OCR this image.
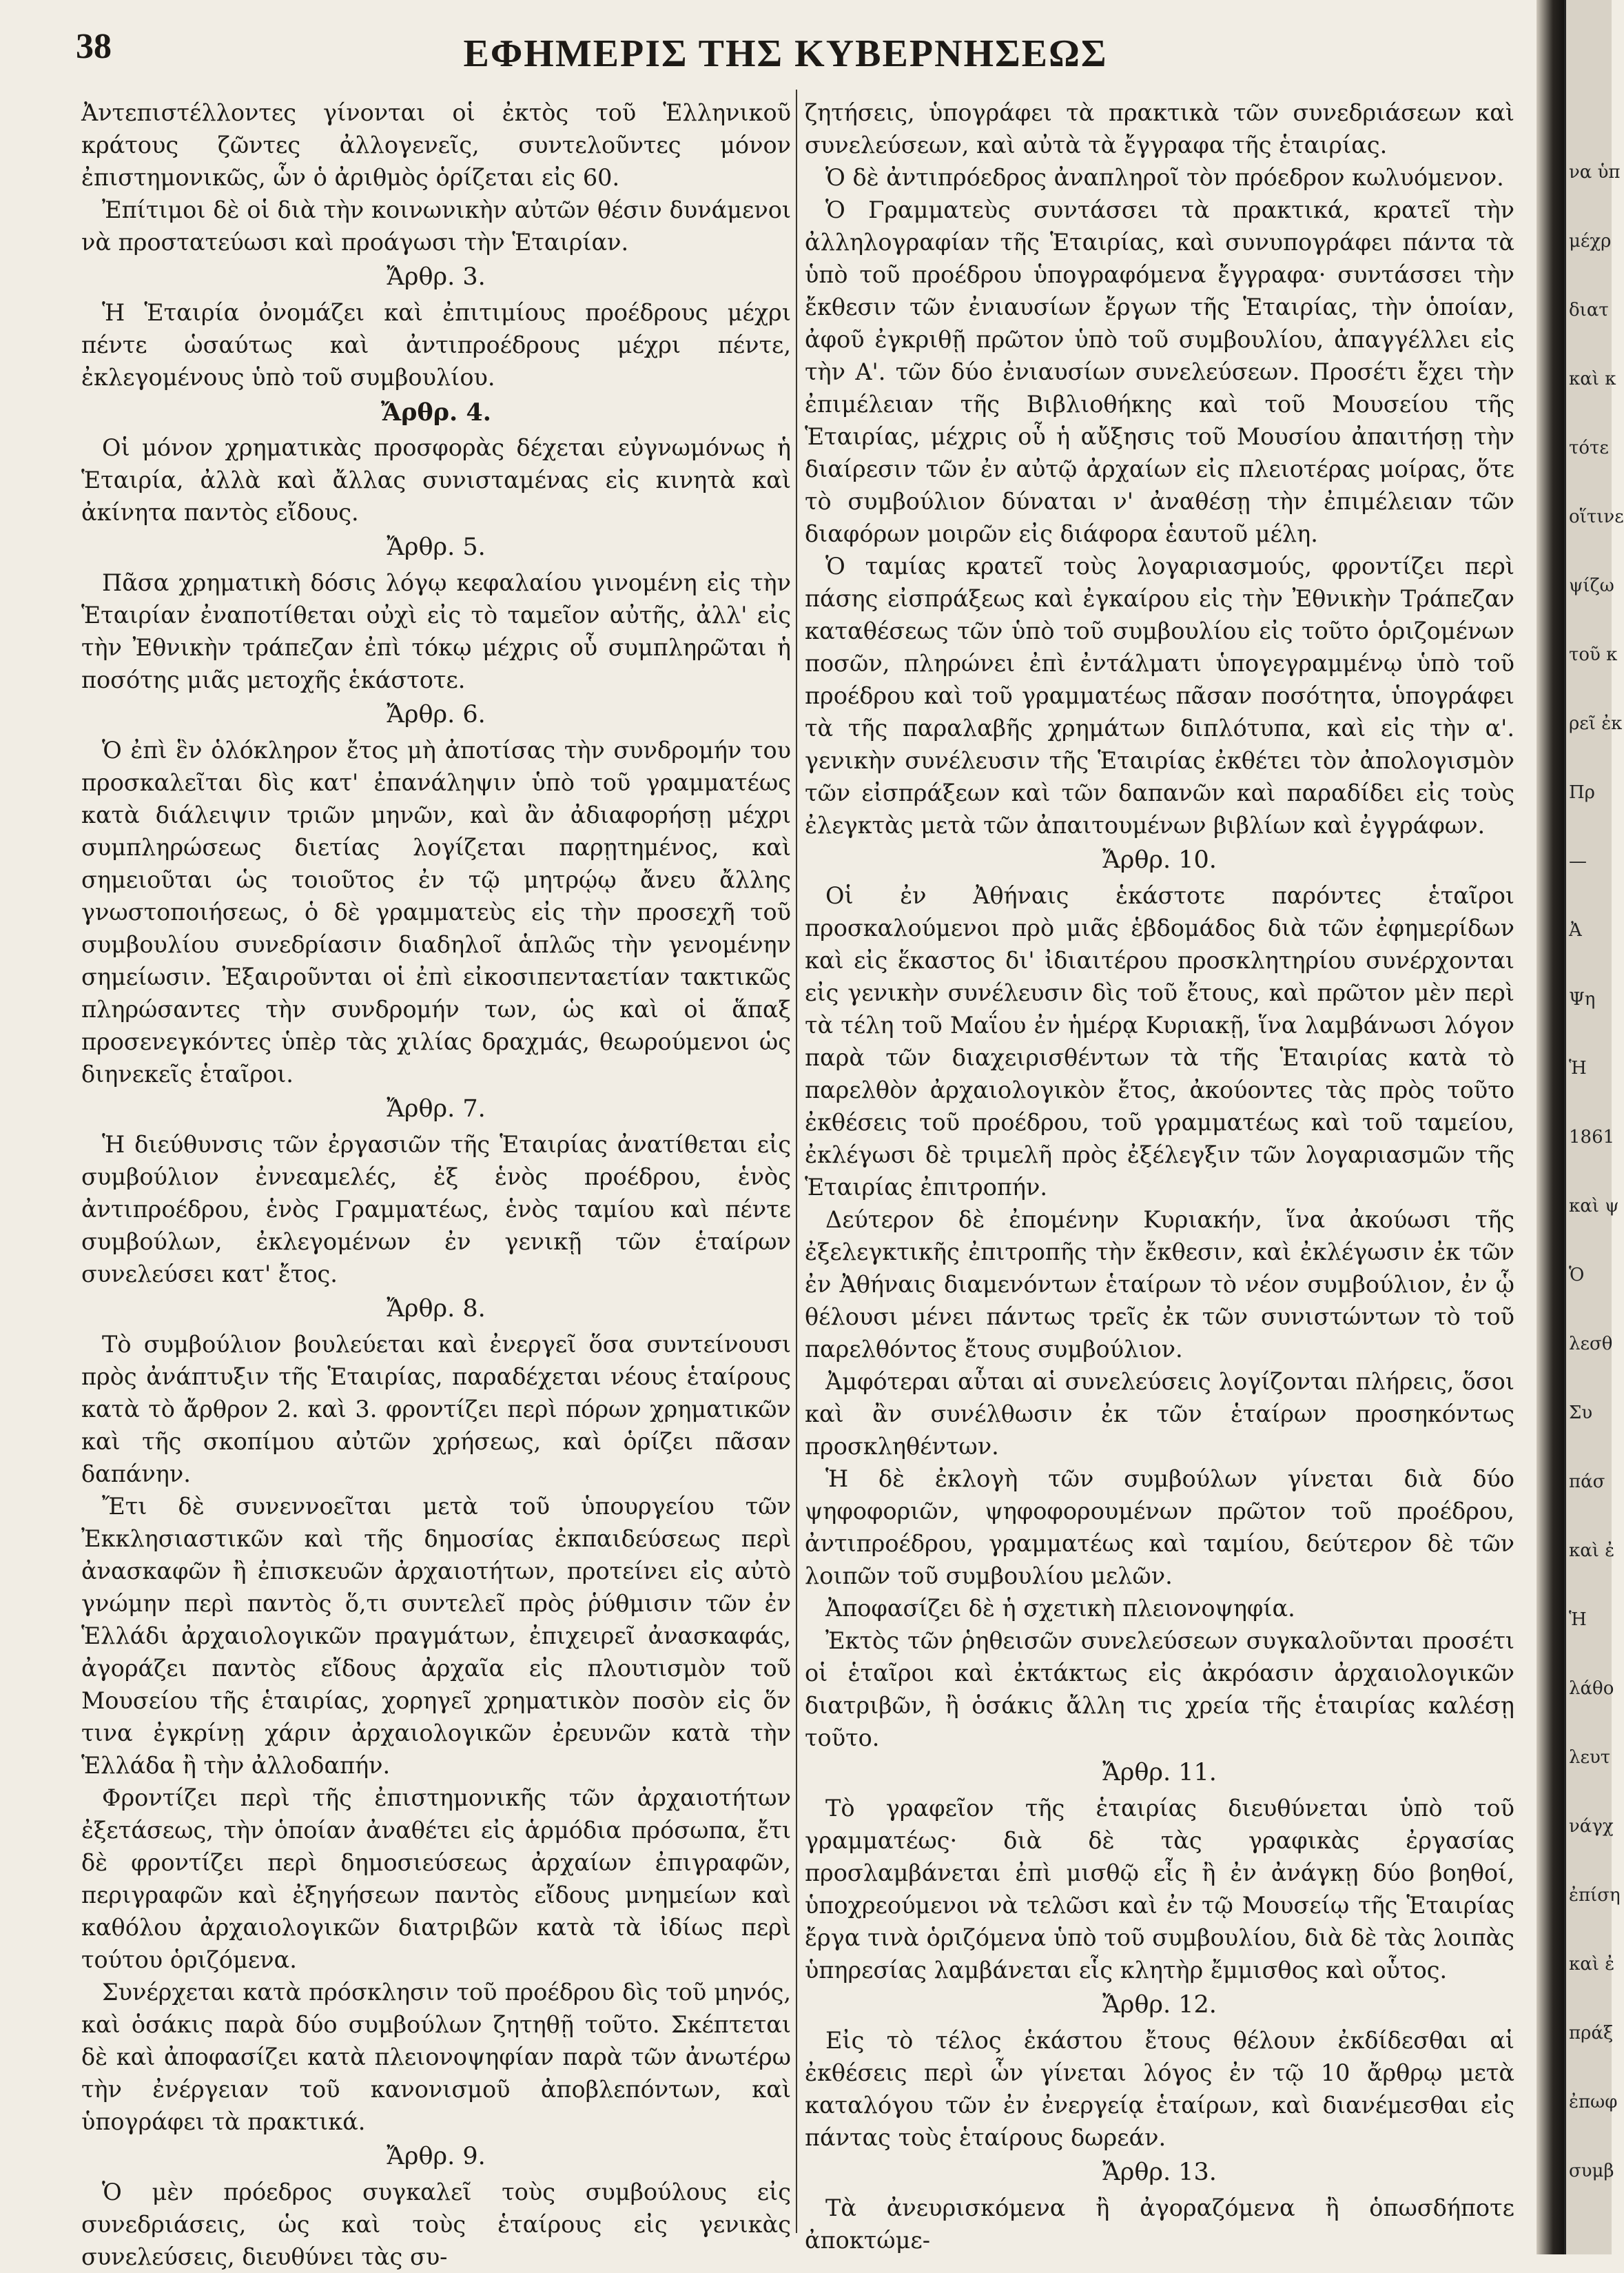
38	ΕΦΗΜΕΡΙΣ ΤΗΣ ΚΥΒΕΡΝΗΣΕΩΣ

Ἀντεπιστέλλοντες γίνονται οἱ ἐκτὸς τοῦ Ἑλληνικοῦ κράτους ζῶντες ἀλλογενεῖς, συντελοῦντες μόνον ἐπιστημονικῶς, ὧν ὁ ἀριθμὸς ὁρίζεται εἰς 60.

Ἐπίτιμοι δὲ οἱ διὰ τὴν κοινωνικὴν αὐτῶν θέσιν δυνάμενοι νὰ προστατεύωσι καὶ προάγωσι τὴν Ἑταιρίαν.

Ἄρθρ. 3.

Ἡ Ἑταιρία ὀνομάζει καὶ ἐπιτιμίους προέδρους μέχρι πέντε ὡσαύτως καὶ ἀντιπροέδρους μέχρι πέντε, ἐκλεγομένους ὑπὸ τοῦ συμβουλίου.

Ἄρθρ. 4.

Οἱ μόνον χρηματικὰς προσφορὰς δέχεται εὐγνωμόνως ἡ Ἑταιρία, ἀλλὰ καὶ ἄλλας συνισταμένας εἰς κινητὰ καὶ ἀκίνητα παντὸς εἴδους.

Ἄρθρ. 5.

Πᾶσα χρηματικὴ δόσις λόγῳ κεφαλαίου γινομένη εἰς τὴν Ἑταιρίαν ἐναποτίθεται οὐχὶ εἰς τὸ ταμεῖον αὐτῆς, ἀλλ' εἰς τὴν Ἐθνικὴν τράπεζαν ἐπὶ τόκῳ μέχρις οὗ συμπληρῶται ἡ ποσότης μιᾶς μετοχῆς ἑκάστοτε.

Ἄρθρ. 6.

Ὁ ἐπὶ ἓν ὁλόκληρον ἔτος μὴ ἀποτίσας τὴν συνδρομήν του προσκαλεῖται δὶς κατ' ἐπανάληψιν ὑπὸ τοῦ γραμματέως κατὰ διάλειψιν τριῶν μηνῶν, καὶ ἂν ἀδιαφορήσῃ μέχρι συμπληρώσεως διετίας λογίζεται παρῃτημένος, καὶ σημειοῦται ὡς τοιοῦτος ἐν τῷ μητρῴῳ ἄνευ ἄλλης γνωστοποιήσεως, ὁ δὲ γραμματεὺς εἰς τὴν προσεχῆ τοῦ συμβουλίου συνεδρίασιν διαδηλοῖ ἁπλῶς τὴν γενομένην σημείωσιν. Ἐξαιροῦνται οἱ ἐπὶ εἰκοσιπενταετίαν τακτικῶς πληρώσαντες τὴν συνδρομήν των, ὡς καὶ οἱ ἅπαξ προσενεγκόντες ὑπὲρ τὰς χιλίας δραχμάς, θεωρούμενοι ὡς διηνεκεῖς ἑταῖροι.

Ἄρθρ. 7.

Ἡ διεύθυνσις τῶν ἐργασιῶν τῆς Ἑταιρίας ἀνατίθεται εἰς συμβούλιον ἐννεαμελές, ἐξ ἑνὸς προέδρου, ἑνὸς ἀντιπροέδρου, ἑνὸς Γραμματέως, ἑνὸς ταμίου καὶ πέντε συμβούλων, ἐκλεγομένων ἐν γενικῇ τῶν ἑταίρων συνελεύσει κατ' ἔτος.

Ἄρθρ. 8.

Τὸ συμβούλιον βουλεύεται καὶ ἐνεργεῖ ὅσα συντείνουσι πρὸς ἀνάπτυξιν τῆς Ἑταιρίας, παραδέχεται νέους ἑταίρους κατὰ τὸ ἄρθρον 2. καὶ 3. φροντίζει περὶ πόρων χρηματικῶν καὶ τῆς σκοπίμου αὐτῶν χρήσεως, καὶ ὁρίζει πᾶσαν δαπάνην.

Ἔτι δὲ συνεννοεῖται μετὰ τοῦ ὑπουργείου τῶν Ἐκκλησιαστικῶν καὶ τῆς δημοσίας ἐκπαιδεύσεως περὶ ἀνασκαφῶν ἢ ἐπισκευῶν ἀρχαιοτήτων, προτείνει εἰς αὐτὸ γνώμην περὶ παντὸς ὅ,τι συντελεῖ πρὸς ῥύθμισιν τῶν ἐν Ἑλλάδι ἀρχαιολογικῶν πραγμάτων, ἐπιχειρεῖ ἀνασκαφάς, ἀγοράζει παντὸς εἴδους ἀρχαῖα εἰς πλουτισμὸν τοῦ Μουσείου τῆς ἑταιρίας, χορηγεῖ χρηματικὸν ποσὸν εἰς ὅν τινα ἐγκρίνῃ χάριν ἀρχαιολογικῶν ἐρευνῶν κατὰ τὴν Ἑλλάδα ἢ τὴν ἀλλοδαπήν.

Φροντίζει περὶ τῆς ἐπιστημονικῆς τῶν ἀρχαιοτήτων ἐξετάσεως, τὴν ὁποίαν ἀναθέτει εἰς ἁρμόδια πρόσωπα, ἔτι δὲ φροντίζει περὶ δημοσιεύσεως ἀρχαίων ἐπιγραφῶν, περιγραφῶν καὶ ἐξηγήσεων παντὸς εἴδους μνημείων καὶ καθόλου ἀρχαιολογικῶν διατριβῶν κατὰ τὰ ἰδίως περὶ τούτου ὁριζόμενα.

Συνέρχεται κατὰ πρόσκλησιν τοῦ προέδρου δὶς τοῦ μηνός, καὶ ὁσάκις παρὰ δύο συμβούλων ζητηθῇ τοῦτο. Σκέπτεται δὲ καὶ ἀποφασίζει κατὰ πλειονοψηφίαν παρὰ τῶν ἀνωτέρω τὴν ἐνέργειαν τοῦ κανονισμοῦ ἀποβλεπόντων, καὶ ὑπογράφει τὰ πρακτικά.

Ἄρθρ. 9.

Ὁ μὲν πρόεδρος συγκαλεῖ τοὺς συμβούλους εἰς συνεδριάσεις, ὡς καὶ τοὺς ἑταίρους εἰς γενικὰς συνελεύσεις, διευθύνει τὰς συ-

ζητήσεις, ὑπογράφει τὰ πρακτικὰ τῶν συνεδριάσεων καὶ συνελεύσεων, καὶ αὐτὰ τὰ ἔγγραφα τῆς ἑταιρίας.

Ὁ δὲ ἀντιπρόεδρος ἀναπληροῖ τὸν πρόεδρον κωλυόμενον.

Ὁ Γραμματεὺς συντάσσει τὰ πρακτικά, κρατεῖ τὴν ἀλληλογραφίαν τῆς Ἑταιρίας, καὶ συνυπογράφει πάντα τὰ ὑπὸ τοῦ προέδρου ὑπογραφόμενα ἔγγραφα· συντάσσει τὴν ἔκθεσιν τῶν ἐνιαυσίων ἔργων τῆς Ἑταιρίας, τὴν ὁποίαν, ἀφοῦ ἐγκριθῇ πρῶτον ὑπὸ τοῦ συμβουλίου, ἀπαγγέλλει εἰς τὴν Α'. τῶν δύο ἐνιαυσίων συνελεύσεων. Προσέτι ἔχει τὴν ἐπιμέλειαν τῆς Βιβλιοθήκης καὶ τοῦ Μουσείου τῆς Ἑταιρίας, μέχρις οὗ ἡ αὔξησις τοῦ Μουσίου ἀπαιτήσῃ τὴν διαίρεσιν τῶν ἐν αὐτῷ ἀρχαίων εἰς πλειοτέρας μοίρας, ὅτε τὸ συμβούλιον δύναται ν' ἀναθέσῃ τὴν ἐπιμέλειαν τῶν διαφόρων μοιρῶν εἰς διάφορα ἑαυτοῦ μέλη.

Ὁ ταμίας κρατεῖ τοὺς λογαριασμούς, φροντίζει περὶ πάσης εἰσπράξεως καὶ ἐγκαίρου εἰς τὴν Ἐθνικὴν Τράπεζαν καταθέσεως τῶν ὑπὸ τοῦ συμβουλίου εἰς τοῦτο ὁριζομένων ποσῶν, πληρώνει ἐπὶ ἐντάλματι ὑπογεγραμμένῳ ὑπὸ τοῦ προέδρου καὶ τοῦ γραμματέως πᾶσαν ποσότητα, ὑπογράφει τὰ τῆς παραλαβῆς χρημάτων διπλότυπα, καὶ εἰς τὴν α'. γενικὴν συνέλευσιν τῆς Ἑταιρίας ἐκθέτει τὸν ἀπολογισμὸν τῶν εἰσπράξεων καὶ τῶν δαπανῶν καὶ παραδίδει εἰς τοὺς ἐλεγκτὰς μετὰ τῶν ἀπαιτουμένων βιβλίων καὶ ἐγγράφων.

Ἄρθρ. 10.

Οἱ ἐν Ἀθήναις ἑκάστοτε παρόντες ἑταῖροι προσκαλούμενοι πρὸ μιᾶς ἑβδομάδος διὰ τῶν ἐφημερίδων καὶ εἰς ἕκαστος δι' ἰδιαιτέρου προσκλητηρίου συνέρχονται εἰς γενικὴν συνέλευσιν δὶς τοῦ ἔτους, καὶ πρῶτον μὲν περὶ τὰ τέλη τοῦ Μαΐου ἐν ἡμέρᾳ Κυριακῇ, ἵνα λαμβάνωσι λόγον παρὰ τῶν διαχειρισθέντων τὰ τῆς Ἑταιρίας κατὰ τὸ παρελθὸν ἀρχαιολογικὸν ἔτος, ἀκούοντες τὰς πρὸς τοῦτο ἐκθέσεις τοῦ προέδρου, τοῦ γραμματέως καὶ τοῦ ταμείου, ἐκλέγωσι δὲ τριμελῆ πρὸς ἐξέλεγξιν τῶν λογαριασμῶν τῆς Ἑταιρίας ἐπιτροπήν.

Δεύτερον δὲ ἐπομένην Κυριακήν, ἵνα ἀκούωσι τῆς ἐξελεγκτικῆς ἐπιτροπῆς τὴν ἔκθεσιν, καὶ ἐκλέγωσιν ἐκ τῶν ἐν Ἀθήναις διαμενόντων ἑταίρων τὸ νέον συμβούλιον, ἐν ᾧ θέλουσι μένει πάντως τρεῖς ἐκ τῶν συνιστώντων τὸ τοῦ παρελθόντος ἔτους συμβούλιον.

Ἀμφότεραι αὗται αἱ συνελεύσεις λογίζονται πλήρεις, ὅσοι καὶ ἂν συνέλθωσιν ἐκ τῶν ἑταίρων προσηκόντως προσκληθέντων.

Ἡ δὲ ἐκλογὴ τῶν συμβούλων γίνεται διὰ δύο ψηφοφοριῶν, ψηφοφορουμένων πρῶτον τοῦ προέδρου, ἀντιπροέδρου, γραμματέως καὶ ταμίου, δεύτερον δὲ τῶν λοιπῶν τοῦ συμβουλίου μελῶν.

Ἀποφασίζει δὲ ἡ σχετικὴ πλειονοψηφία.

Ἐκτὸς τῶν ῥηθεισῶν συνελεύσεων συγκαλοῦνται προσέτι οἱ ἑταῖροι καὶ ἐκτάκτως εἰς ἀκρόασιν ἀρχαιολογικῶν διατριβῶν, ἢ ὁσάκις ἄλλη τις χρεία τῆς ἑταιρίας καλέσῃ τοῦτο.

Ἄρθρ. 11.

Τὸ γραφεῖον τῆς ἑταιρίας διευθύνεται ὑπὸ τοῦ γραμματέως· διὰ δὲ τὰς γραφικὰς ἐργασίας προσλαμβάνεται ἐπὶ μισθῷ εἷς ἢ ἐν ἀνάγκῃ δύο βοηθοί, ὑποχρεούμενοι νὰ τελῶσι καὶ ἐν τῷ Μουσείῳ τῆς Ἑταιρίας ἔργα τινὰ ὁριζόμενα ὑπὸ τοῦ συμβουλίου, διὰ δὲ τὰς λοιπὰς ὑπηρεσίας λαμβάνεται εἷς κλητὴρ ἔμμισθος καὶ οὗτος.

Ἄρθρ. 12.

Εἰς τὸ τέλος ἑκάστου ἔτους θέλουν ἐκδίδεσθαι αἱ ἐκθέσεις περὶ ὧν γίνεται λόγος ἐν τῷ 10 ἄρθρῳ μετὰ καταλόγου τῶν ἐν ἐνεργείᾳ ἑταίρων, καὶ διανέμεσθαι εἰς πάντας τοὺς ἑταίρους δωρεάν.

Ἄρθρ. 13.

Τὰ ἀνευρισκόμενα ἢ ἀγοραζόμενα ἢ ὁπωσδήποτε ἀποκτώμε-

να ὑπ
μέχρ
διατ
καὶ κ
τότε
οἵτινε
ψίζω
τοῦ κ
ρεῖ ἐκ
Πρ
—
Ἀ
Ψη
Ἡ
1861
καὶ ψ
Ὁ
λεσθ
Συ
πάσ
καὶ ἐ
Ἡ
λάθο
λευτ
νάγχ
ἐπίση
καὶ ἐ
πράξ
ἐπωφ
συμβ
